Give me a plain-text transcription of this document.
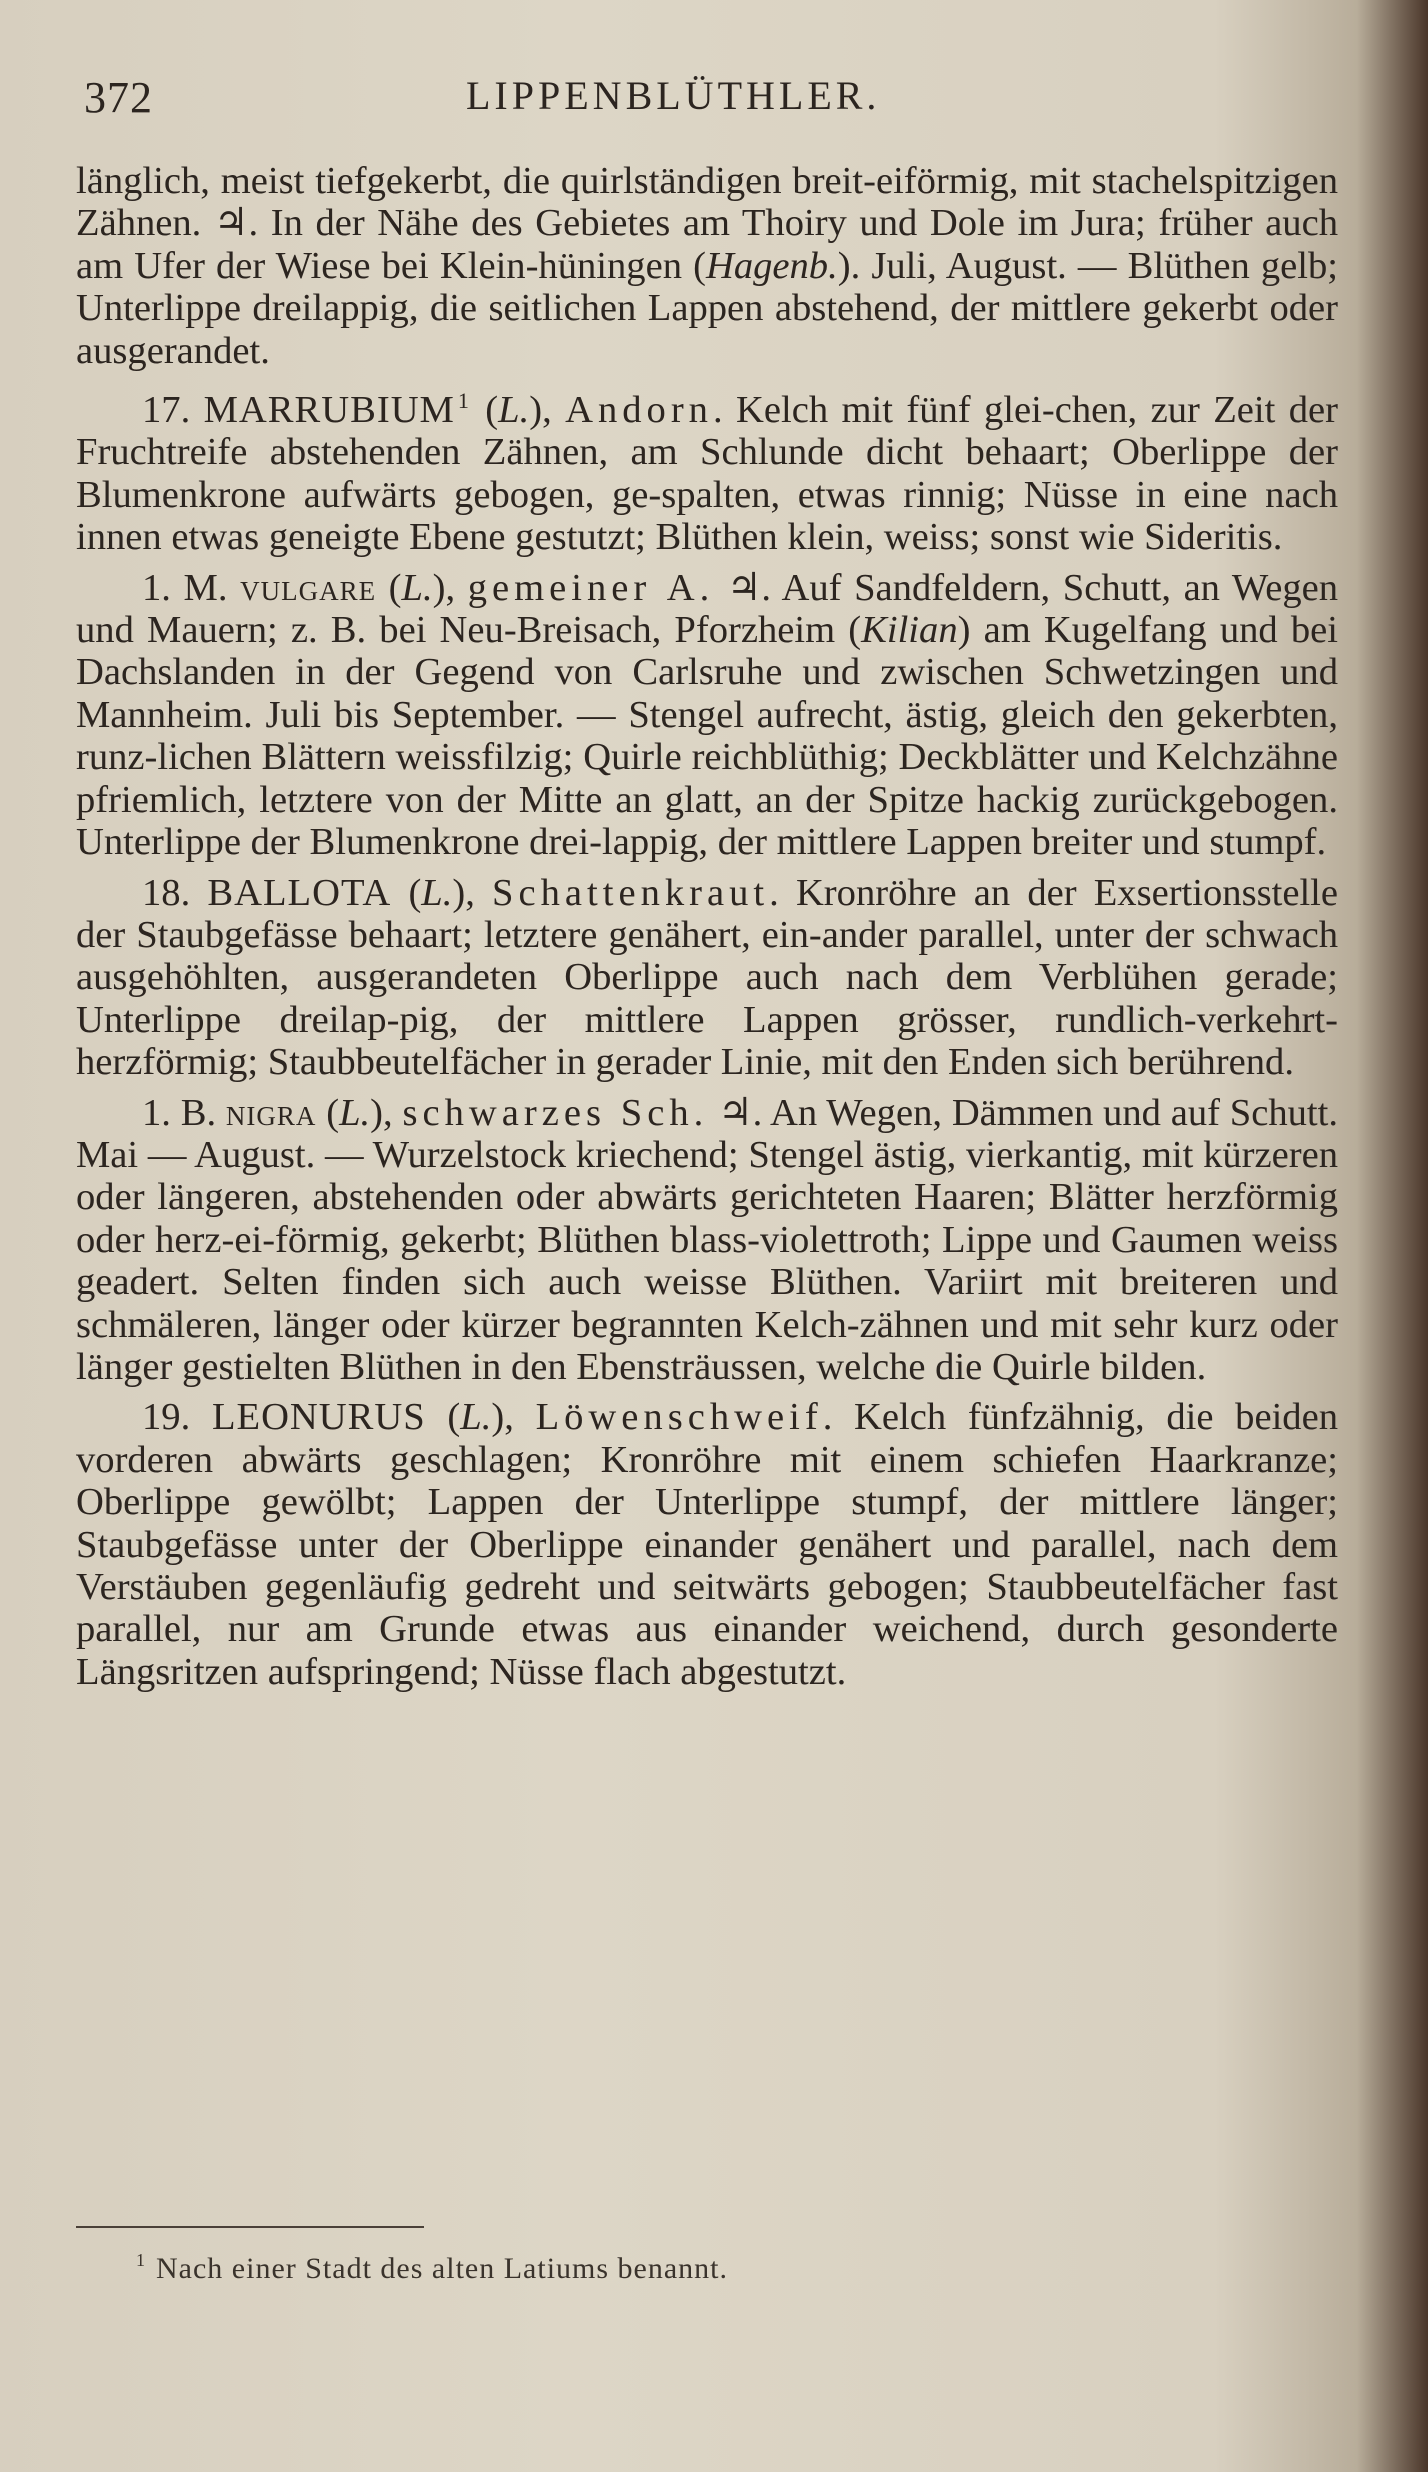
372	LIPPENBLÜTHLER.

länglich, meist tiefgekerbt, die quirlständigen breit-eiförmig, mit stachelspitzigen Zähnen. ♃. In der Nähe des Gebietes am Thoiry und Dole im Jura; früher auch am Ufer der Wiese bei Klein-hüningen (Hagenb.). Juli, August. — Blüthen gelb; Unterlippe dreilappig, die seitlichen Lappen abstehend, der mittlere gekerbt oder ausgerandet.

17. MARRUBIUM $^1$ (L.), Andorn. Kelch mit fünf glei-chen, zur Zeit der Fruchtreife abstehenden Zähnen, am Schlunde dicht behaart; Oberlippe der Blumenkrone aufwärts gebogen, ge-spalten, etwas rinnig; Nüsse in eine nach innen etwas geneigte Ebene gestutzt; Blüthen klein, weiss; sonst wie Sideritis.

1. M. vulgare (L.), gemeiner A. ♃. Auf Sandfeldern, Schutt, an Wegen und Mauern; z. B. bei Neu-Breisach, Pforzheim (Kilian) am Kugelfang und bei Dachslanden in der Gegend von Carlsruhe und zwischen Schwetzingen und Mannheim. Juli bis September. — Stengel aufrecht, ästig, gleich den gekerbten, runz-lichen Blättern weissfilzig; Quirle reichblüthig; Deckblätter und Kelchzähne pfriemlich, letztere von der Mitte an glatt, an der Spitze hackig zurückgebogen. Unterlippe der Blumenkrone drei-lappig, der mittlere Lappen breiter und stumpf.

18. BALLOTA (L.), Schattenkraut. Kronröhre an der Exsertionsstelle der Staubgefässe behaart; letztere genähert, ein-ander parallel, unter der schwach ausgehöhlten, ausgerandeten Oberlippe auch nach dem Verblühen gerade; Unterlippe dreilap-pig, der mittlere Lappen grösser, rundlich-verkehrt-herzförmig; Staubbeutelfächer in gerader Linie, mit den Enden sich berührend.

1. B. nigra (L.), schwarzes Sch. ♃. An Wegen, Dämmen und auf Schutt. Mai — August. — Wurzelstock kriechend; Stengel ästig, vierkantig, mit kürzeren oder längeren, abstehenden oder abwärts gerichteten Haaren; Blätter herzförmig oder herz-ei-förmig, gekerbt; Blüthen blass-violettroth; Lippe und Gaumen weiss geadert. Selten finden sich auch weisse Blüthen. Variirt mit breiteren und schmäleren, länger oder kürzer begrannten Kelch-zähnen und mit sehr kurz oder länger gestielten Blüthen in den Ebensträussen, welche die Quirle bilden.

19. LEONURUS (L.), Löwenschweif. Kelch fünfzähnig, die beiden vorderen abwärts geschlagen; Kronröhre mit einem schiefen Haarkranze; Oberlippe gewölbt; Lappen der Unterlippe stumpf, der mittlere länger; Staubgefässe unter der Oberlippe einander genähert und parallel, nach dem Verstäuben gegenläufig gedreht und seitwärts gebogen; Staubbeutelfächer fast parallel, nur am Grunde etwas aus einander weichend, durch gesonderte Längsritzen aufspringend; Nüsse flach abgestutzt.

$^1$ Nach einer Stadt des alten Latiums benannt.
